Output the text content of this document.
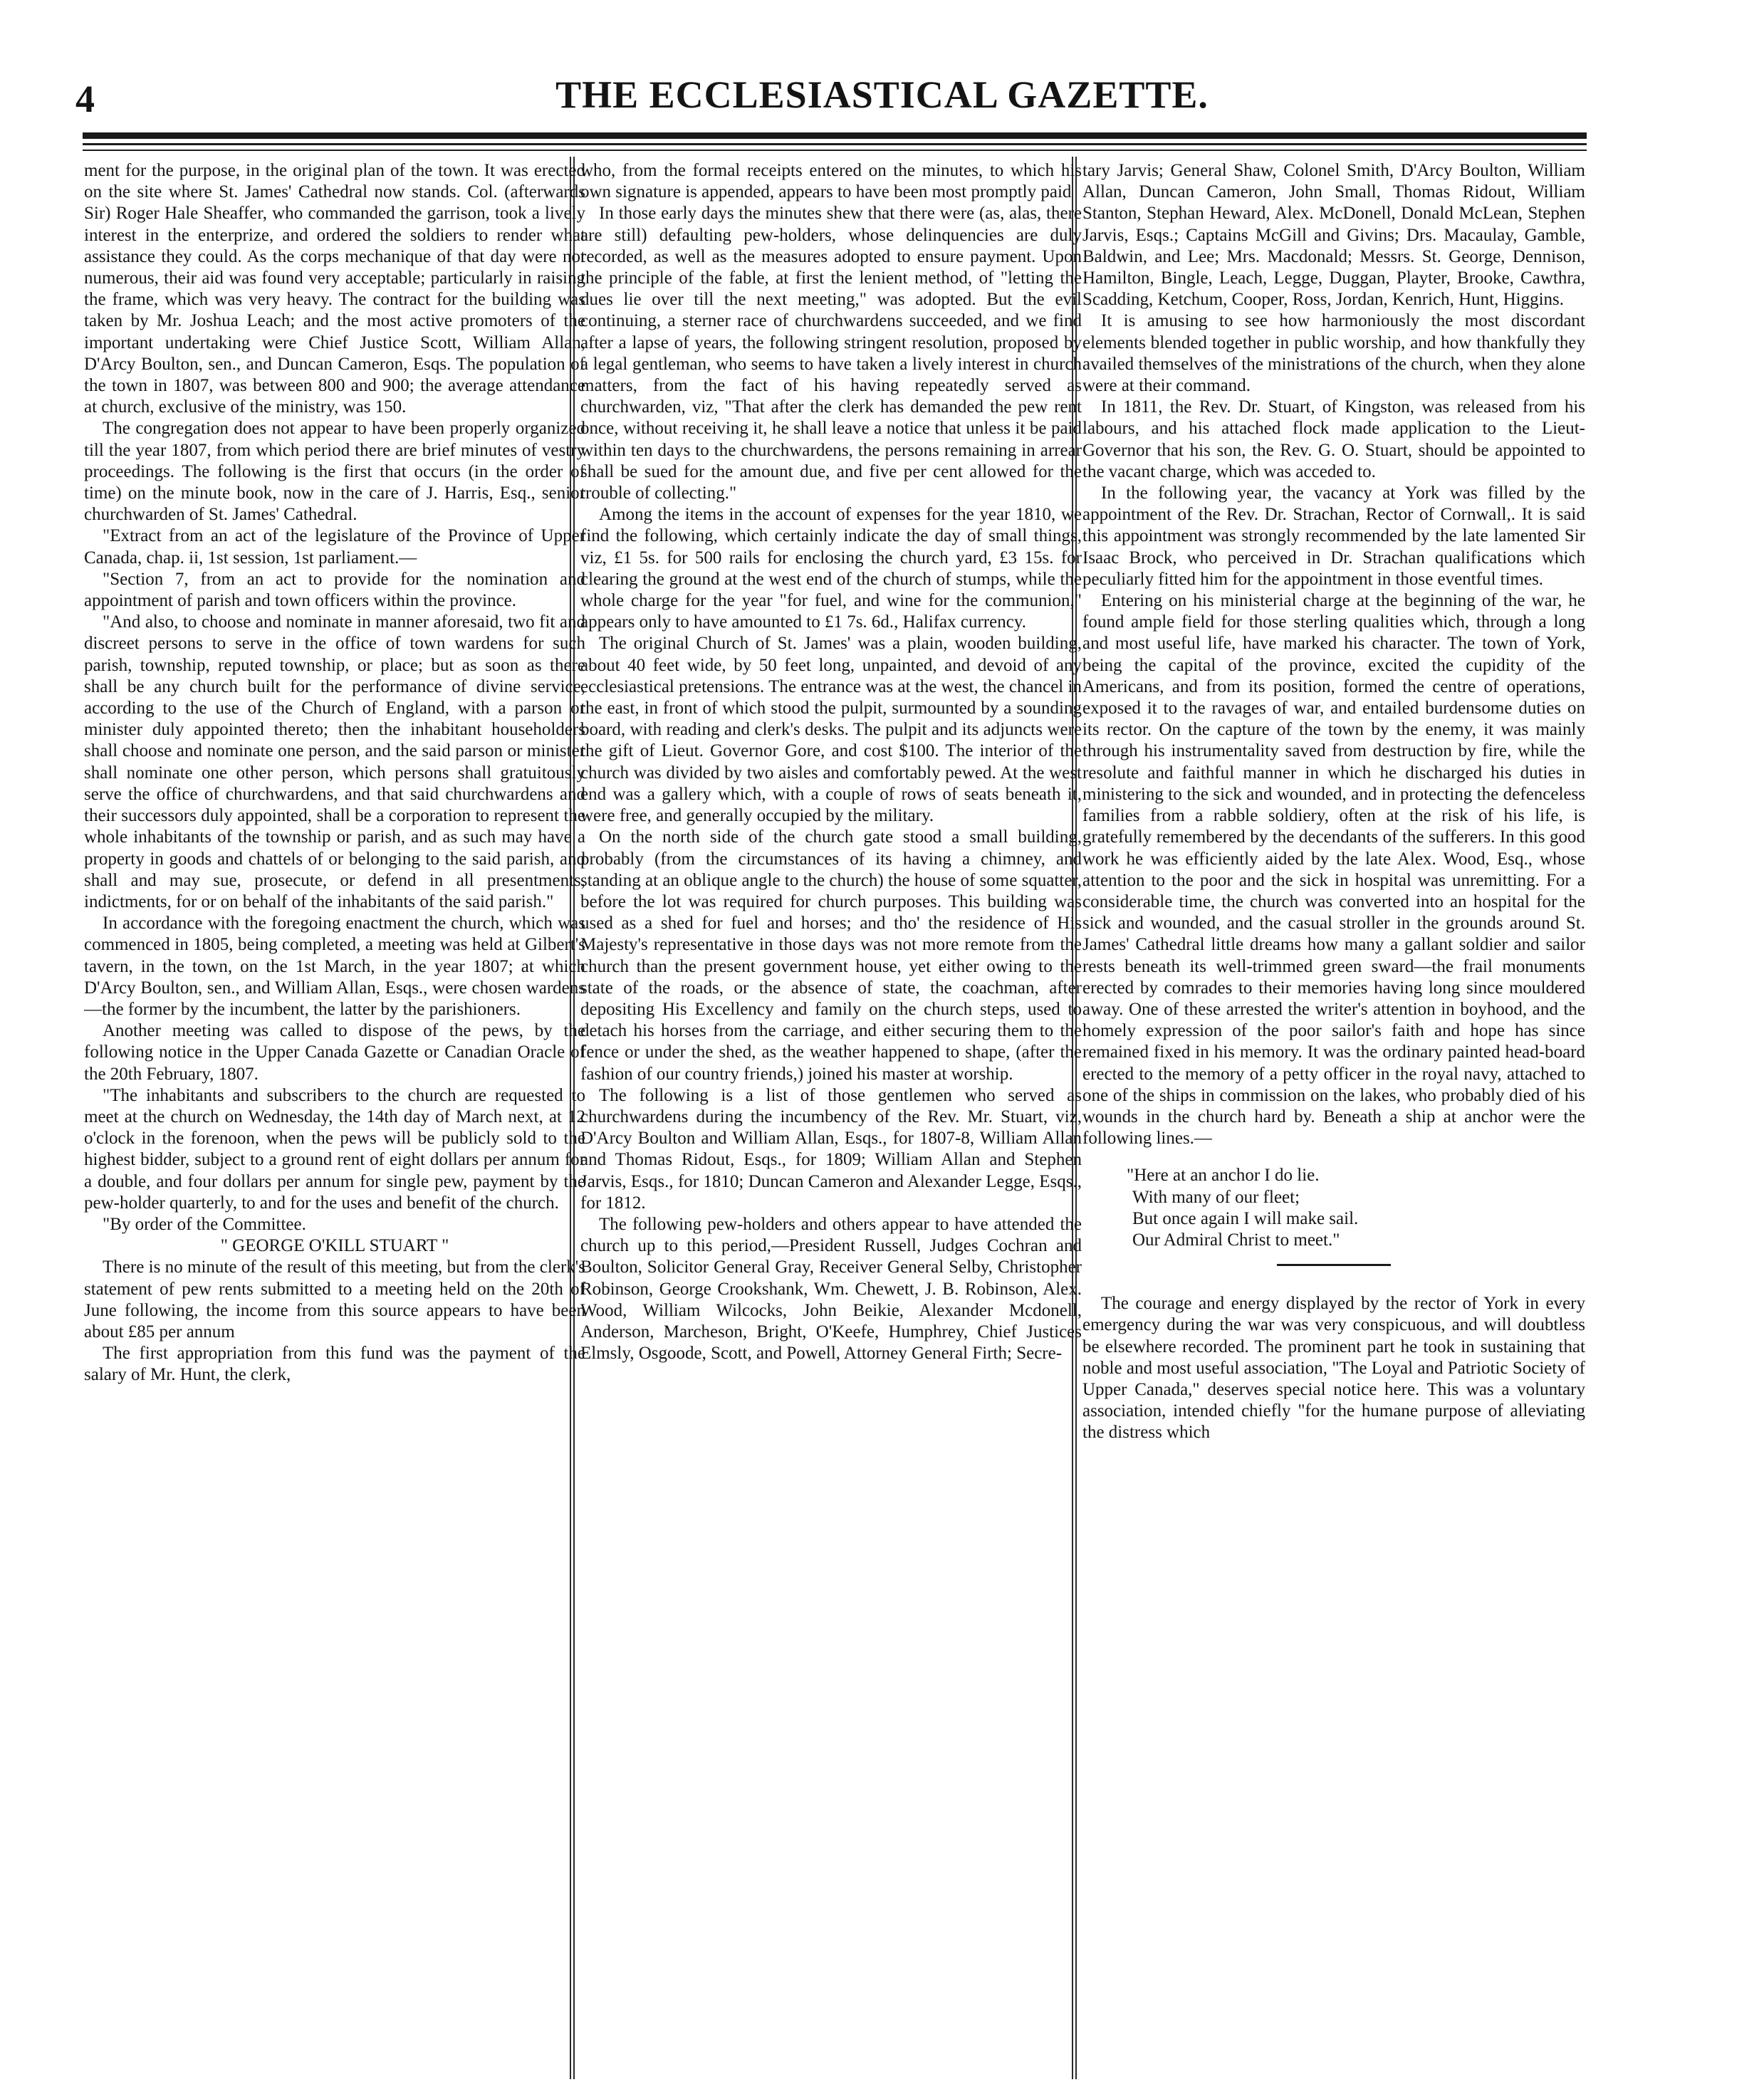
4	THE ECCLESIASTICAL GAZETTE.

ment for the purpose, in the original plan of the town. It was erected on the site where St. James' Cathedral now stands. Col. (afterwards Sir) Roger Hale Sheaffer, who commanded the garrison, took a lively interest in the enterprize, and ordered the soldiers to render what assistance they could. As the corps mechanique of that day were not numerous, their aid was found very acceptable; particularly in raising the frame, which was very heavy. The contract for the building was taken by Mr. Joshua Leach; and the most active promoters of the important undertaking were Chief Justice Scott, William Allan, D'Arcy Boulton, sen., and Duncan Cameron, Esqs. The population of the town in 1807, was between 800 and 900; the average attendance at church, exclusive of the ministry, was 150.

The congregation does not appear to have been properly organized till the year 1807, from which period there are brief minutes of vestry proceedings. The following is the first that occurs (in the order of time) on the minute book, now in the care of J. Harris, Esq., senior churchwarden of St. James' Cathedral.

"Extract from an act of the legislature of the Province of Upper Canada, chap. ii, 1st session, 1st parliament.—

"Section 7, from an act to provide for the nomination and appointment of parish and town officers within the province.

"And also, to choose and nominate in manner aforesaid, two fit and discreet persons to serve in the office of town wardens for such parish, township, reputed township, or place; but as soon as there shall be any church built for the performance of divine service, according to the use of the Church of England, with a parson or minister duly appointed thereto; then the inhabitant householders shall choose and nominate one person, and the said parson or minister shall nominate one other person, which persons shall gratuitously serve the office of churchwardens, and that said churchwardens and their successors duly appointed, shall be a corporation to represent the whole inhabitants of the township or parish, and as such may have a property in goods and chattels of or belonging to the said parish, and shall and may sue, prosecute, or defend in all presentments, indictments, for or on behalf of the inhabitants of the said parish."

In accordance with the foregoing enactment the church, which was commenced in 1805, being completed, a meeting was held at Gilbert's tavern, in the town, on the 1st March, in the year 1807; at which D'Arcy Boulton, sen., and William Allan, Esqs., were chosen wardens—the former by the incumbent, the latter by the parishioners.

Another meeting was called to dispose of the pews, by the following notice in the Upper Canada Gazette or Canadian Oracle of the 20th February, 1807.

"The inhabitants and subscribers to the church are requested to meet at the church on Wednesday, the 14th day of March next, at 12 o'clock in the forenoon, when the pews will be publicly sold to the highest bidder, subject to a ground rent of eight dollars per annum for a double, and four dollars per annum for single pew, payment by the pew-holder quarterly, to and for the uses and benefit of the church.

"By order of the Committee.

" GEORGE O'KILL STUART "

There is no minute of the result of this meeting, but from the clerk's statement of pew rents submitted to a meeting held on the 20th of June following, the income from this source appears to have been about £85 per annum

The first appropriation from this fund was the payment of the salary of Mr. Hunt, the clerk,

who, from the formal receipts entered on the minutes, to which his own signature is appended, appears to have been most promptly paid

In those early days the minutes shew that there were (as, alas, there are still) defaulting pew-holders, whose delinquencies are duly recorded, as well as the measures adopted to ensure payment. Upon the principle of the fable, at first the lenient method, of "letting the dues lie over till the next meeting," was adopted. But the evil continuing, a sterner race of churchwardens succeeded, and we find after a lapse of years, the following stringent resolution, proposed by a legal gentleman, who seems to have taken a lively interest in church matters, from the fact of his having repeatedly served as churchwarden, viz, "That after the clerk has demanded the pew rent once, without receiving it, he shall leave a notice that unless it be paid within ten days to the churchwardens, the persons remaining in arrear shall be sued for the amount due, and five per cent allowed for the trouble of collecting."

Among the items in the account of expenses for the year 1810, we find the following, which certainly indicate the day of small things, viz, £1 5s. for 500 rails for enclosing the church yard, £3 15s. for clearing the ground at the west end of the church of stumps, while the whole charge for the year "for fuel, and wine for the communion," appears only to have amounted to £1 7s. 6d., Halifax currency.

The original Church of St. James' was a plain, wooden building, about 40 feet wide, by 50 feet long, unpainted, and devoid of any ecclesiastical pretensions. The entrance was at the west, the chancel in the east, in front of which stood the pulpit, surmounted by a sounding board, with reading and clerk's desks. The pulpit and its adjuncts were the gift of Lieut. Governor Gore, and cost $100. The interior of the church was divided by two aisles and comfortably pewed. At the west end was a gallery which, with a couple of rows of seats beneath it, were free, and generally occupied by the military.

On the north side of the church gate stood a small building, probably (from the circumstances of its having a chimney, and standing at an oblique angle to the church) the house of some squatter, before the lot was required for church purposes. This building was used as a shed for fuel and horses; and tho' the residence of His Majesty's representative in those days was not more remote from the church than the present government house, yet either owing to the state of the roads, or the absence of state, the coachman, after depositing His Excellency and family on the church steps, used to detach his horses from the carriage, and either securing them to the fence or under the shed, as the weather happened to shape, (after the fashion of our country friends,) joined his master at worship.

The following is a list of those gentlemen who served as churchwardens during the incumbency of the Rev. Mr. Stuart, viz, D'Arcy Boulton and William Allan, Esqs., for 1807-8, William Allan and Thomas Ridout, Esqs., for 1809; William Allan and Stephen Jarvis, Esqs., for 1810; Duncan Cameron and Alexander Legge, Esqs., for 1812.

The following pew-holders and others appear to have attended the church up to this period,—President Russell, Judges Cochran and Boulton, Solicitor General Gray, Receiver General Selby, Christopher Robinson, George Crookshank, Wm. Chewett, J. B. Robinson, Alex. Wood, William Wilcocks, John Beikie, Alexander Mcdonell, Anderson, Marcheson, Bright, O'Keefe, Humphrey, Chief Justices Elmsly, Osgoode, Scott, and Powell, Attorney General Firth; Secre-

tary Jarvis; General Shaw, Colonel Smith, D'Arcy Boulton, William Allan, Duncan Cameron, John Small, Thomas Ridout, William Stanton, Stephan Heward, Alex. McDonell, Donald McLean, Stephen Jarvis, Esqs.; Captains McGill and Givins; Drs. Macaulay, Gamble, Baldwin, and Lee; Mrs. Macdonald; Messrs. St. George, Dennison, Hamilton, Bingle, Leach, Legge, Duggan, Playter, Brooke, Cawthra, Scadding, Ketchum, Cooper, Ross, Jordan, Kenrich, Hunt, Higgins.

It is amusing to see how harmoniously the most discordant elements blended together in public worship, and how thankfully they availed themselves of the ministrations of the church, when they alone were at their command.

In 1811, the Rev. Dr. Stuart, of Kingston, was released from his labours, and his attached flock made application to the Lieut-Governor that his son, the Rev. G. O. Stuart, should be appointed to the vacant charge, which was acceded to.

In the following year, the vacancy at York was filled by the appointment of the Rev. Dr. Strachan, Rector of Cornwall,. It is said this appointment was strongly recommended by the late lamented Sir Isaac Brock, who perceived in Dr. Strachan qualifications which peculiarly fitted him for the appointment in those eventful times.

Entering on his ministerial charge at the beginning of the war, he found ample field for those sterling qualities which, through a long and most useful life, have marked his character. The town of York, being the capital of the province, excited the cupidity of the Americans, and from its position, formed the centre of operations, exposed it to the ravages of war, and entailed burdensome duties on its rector. On the capture of the town by the enemy, it was mainly through his instrumentality saved from destruction by fire, while the resolute and faithful manner in which he discharged his duties in ministering to the sick and wounded, and in protecting the defenceless families from a rabble soldiery, often at the risk of his life, is gratefully remembered by the decendants of the sufferers. In this good work he was efficiently aided by the late Alex. Wood, Esq., whose attention to the poor and the sick in hospital was unremitting. For a considerable time, the church was converted into an hospital for the sick and wounded, and the casual stroller in the grounds around St. James' Cathedral little dreams how many a gallant soldier and sailor rests beneath its well-trimmed green sward—the frail monuments erected by comrades to their memories having long since mouldered away. One of these arrested the writer's attention in boyhood, and the homely expression of the poor sailor's faith and hope has since remained fixed in his memory. It was the ordinary painted head-board erected to the memory of a petty officer in the royal navy, attached to one of the ships in commission on the lakes, who probably died of his wounds in the church hard by. Beneath a ship at anchor were the following lines.—

"Here at an anchor I do lie.
With many of our fleet;
But once again I will make sail.
Our Admiral Christ to meet."

The courage and energy displayed by the rector of York in every emergency during the war was very conspicuous, and will doubtless be elsewhere recorded. The prominent part he took in sustaining that noble and most useful association, "The Loyal and Patriotic Society of Upper Canada," deserves special notice here. This was a voluntary association, intended chiefly "for the humane purpose of alleviating the distress which
